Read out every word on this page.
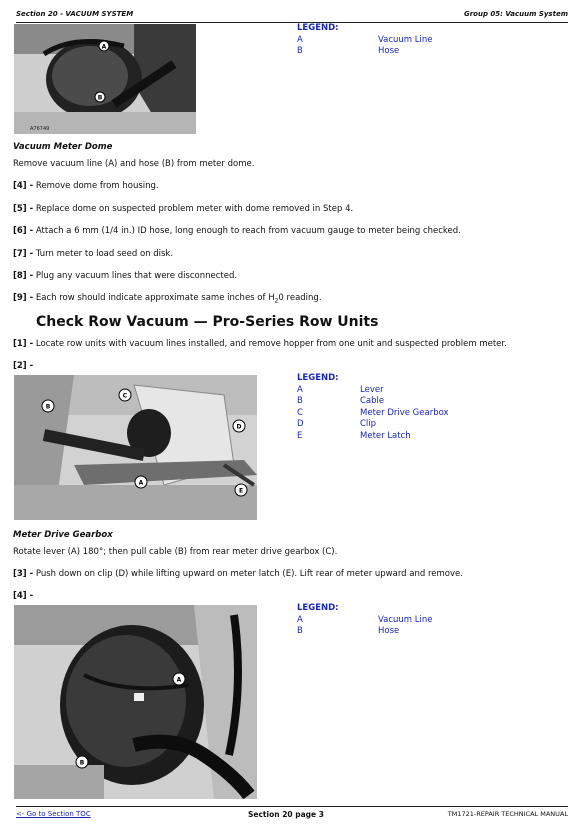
Section 20 - VACUUM SYSTEM	Group 05: Vacuum System
A
B
A76749
LEGEND:
A	Vacuum Line
B	Hose
Vacuum Meter Dome
Remove vacuum line (A) and hose (B) from meter dome.
[4] - Remove dome from housing.
[5] - Replace dome on suspected problem meter with dome removed in Step 4.
[6] - Attach a 6 mm (1/4 in.) ID hose, long enough to reach from vacuum gauge to meter being checked.
[7] - Turn meter to load seed on disk.
[8] - Plug any vacuum lines that were disconnected.
[9] - Each row should indicate approximate same inches of $H_20$ reading.
Check Row Vacuum — Pro-Series Row Units
[1] - Locate row units with vacuum lines installed, and remove hopper from one unit and suspected problem meter.
[2] -
A
B
C
D
E
LEGEND:
A	Lever
B	Cable
C	Meter Drive Gearbox
D	Clip
E	Meter Latch
Meter Drive Gearbox
Rotate lever (A) 180°; then pull cable (B) from rear meter drive gearbox (C).
[3] - Push down on clip (D) while lifting upward on meter latch (E). Lift rear of meter upward and remove.
[4] -
A
B
LEGEND:
A	Vacuum Line
B	Hose
<- Go to Section TOC	Section 20 page 3	TM1721-REPAIR TECHNICAL MANUAL
